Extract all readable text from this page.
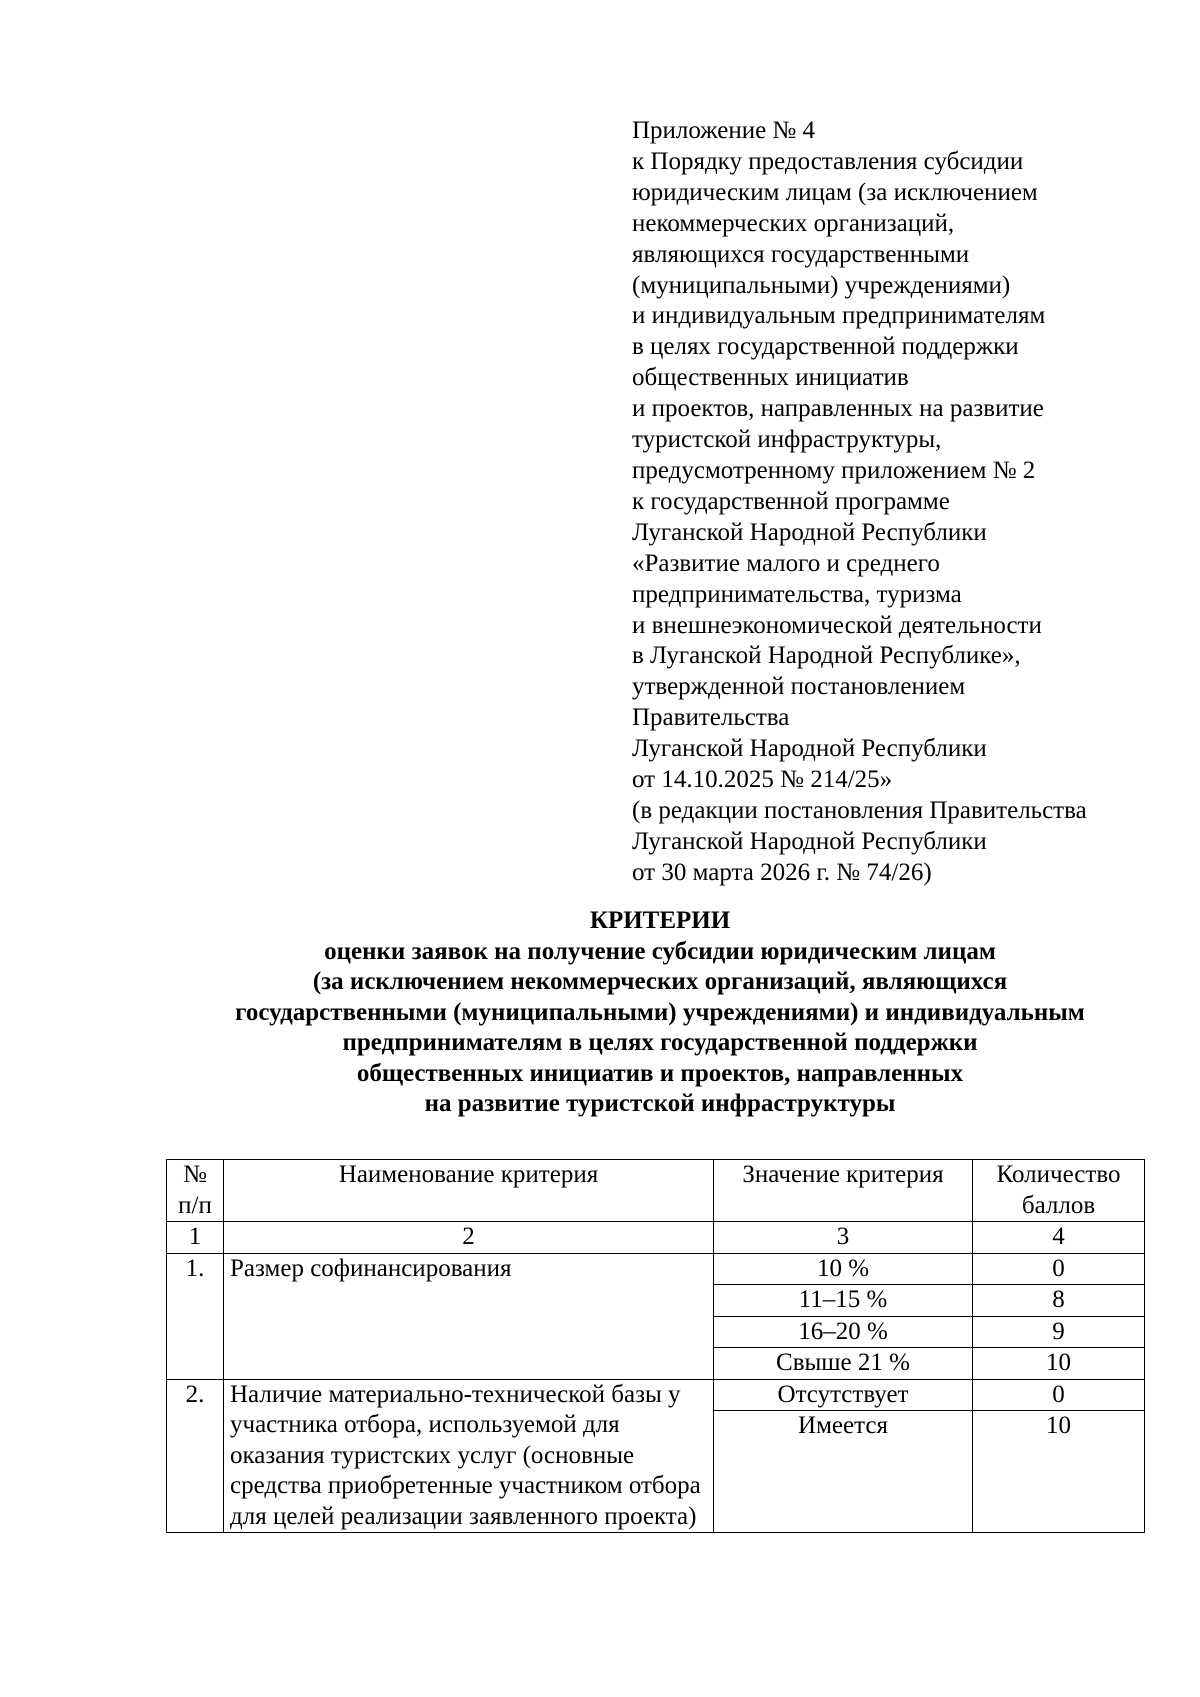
Приложение № 4
к Порядку предоставления субсидии
юридическим лицам (за исключением
некоммерческих организаций,
являющихся государственными
(муниципальными) учреждениями)
и индивидуальным предпринимателям
в целях государственной поддержки
общественных инициатив
и проектов, направленных на развитие
туристской инфраструктуры,
предусмотренному приложением № 2
к государственной программе
Луганской Народной Республики
«Развитие малого и среднего
предпринимательства, туризма
и внешнеэкономической деятельности
в Луганской Народной Республике»,
утвержденной постановлением
Правительства
Луганской Народной Республики
от 14.10.2025 № 214/25»
(в редакции постановления Правительства
Луганской Народной Республики
от 30 марта 2026 г. № 74/26)
КРИТЕРИИ
оценки заявок на получение субсидии юридическим лицам
(за исключением некоммерческих организаций, являющихся
государственными (муниципальными) учреждениями) и индивидуальным
предпринимателям в целях государственной поддержки
общественных инициатив и проектов, направленных
на развитие туристской инфраструктуры
№ п/п	Наименование критерия	Значение критерия	Количество баллов
1	2	3	4
1.	Размер софинансирования	10 %	0
		11–15 %	8
		16–20 %	9
		Свыше 21 %	10
2.	Наличие материально-технической базы у участника отбора, используемой для оказания туристских услуг (основные средства приобретенные участником отбора для целей реализации заявленного проекта)	Отсутствует	0
		Имеется	10
